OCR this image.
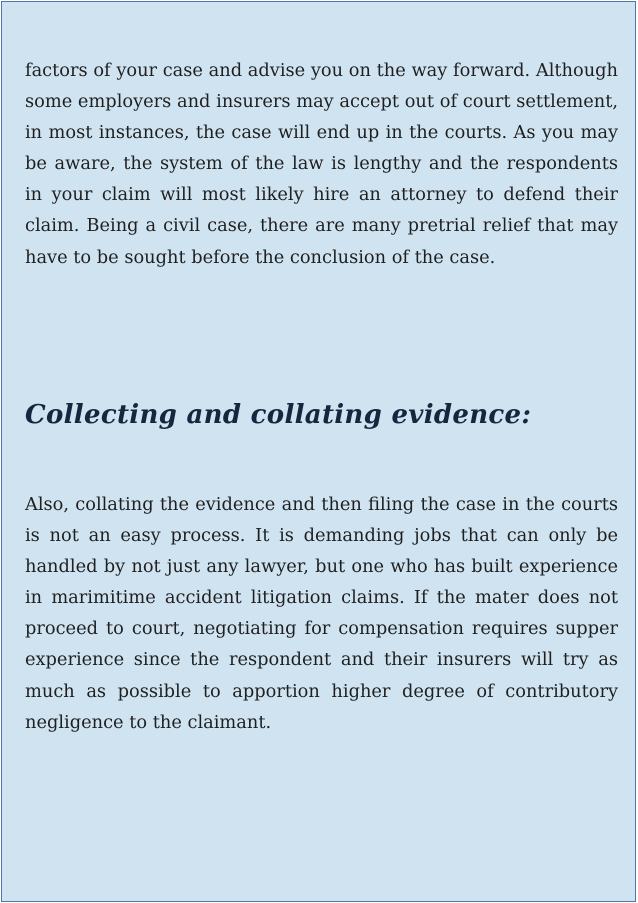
factors of your case and advise you on the way forward. Although some employers and insurers may accept out of court settlement, in most instances, the case will end up in the courts. As you may be aware, the system of the law is lengthy and the respondents in your claim will most likely hire an attorney to defend their claim. Being a civil case, there are many pretrial relief that may have to be sought before the conclusion of the case.

Collecting and collating evidence:

Also, collating the evidence and then filing the case in the courts is not an easy process. It is demanding jobs that can only be handled by not just any lawyer, but one who has built experience in marimitime accident litigation claims. If the mater does not proceed to court, negotiating for compensation requires supper experience since the respondent and their insurers will try as much as possible to apportion higher degree of contributory negligence to the claimant.
